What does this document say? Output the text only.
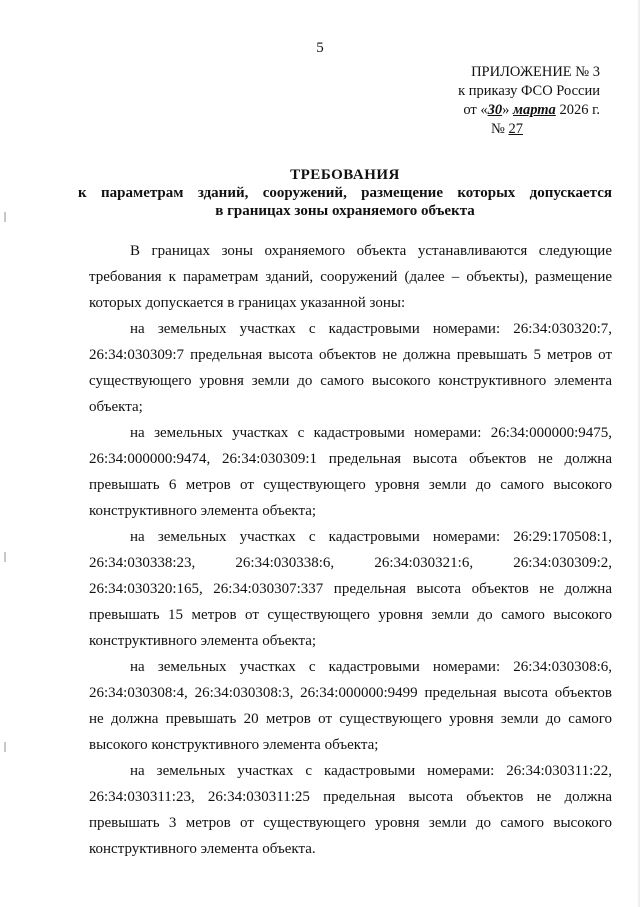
5
ПРИЛОЖЕНИЕ № 3
к приказу ФСО России
от «30» марта 2026 г.
№ 27
ТРЕБОВАНИЯ
к параметрам зданий, сооружений, размещение которых допускается
в границах зоны охраняемого объекта

В границах зоны охраняемого объекта устанавливаются следующие требования к параметрам зданий, сооружений (далее – объекты), размещение которых допускается в границах указанной зоны:

на земельных участках с кадастровыми номерами: 26:34:030320:7, 26:34:030309:7 предельная высота объектов не должна превышать 5 метров от существующего уровня земли до самого высокого конструктивного элемента объекта;

на земельных участках с кадастровыми номерами: 26:34:000000:9475, 26:34:000000:9474, 26:34:030309:1 предельная высота объектов не должна превышать 6 метров от существующего уровня земли до самого высокого конструктивного элемента объекта;

на земельных участках с кадастровыми номерами: 26:29:170508:1, 26:34:030338:23, 26:34:030338:6, 26:34:030321:6, 26:34:030309:2, 26:34:030320:165, 26:34:030307:337 предельная высота объектов не должна превышать 15 метров от существующего уровня земли до самого высокого конструктивного элемента объекта;

на земельных участках с кадастровыми номерами: 26:34:030308:6, 26:34:030308:4, 26:34:030308:3, 26:34:000000:9499 предельная высота объектов не должна превышать 20 метров от существующего уровня земли до самого высокого конструктивного элемента объекта;

на земельных участках с кадастровыми номерами: 26:34:030311:22, 26:34:030311:23, 26:34:030311:25 предельная высота объектов не должна превышать 3 метров от существующего уровня земли до самого высокого конструктивного элемента объекта.
